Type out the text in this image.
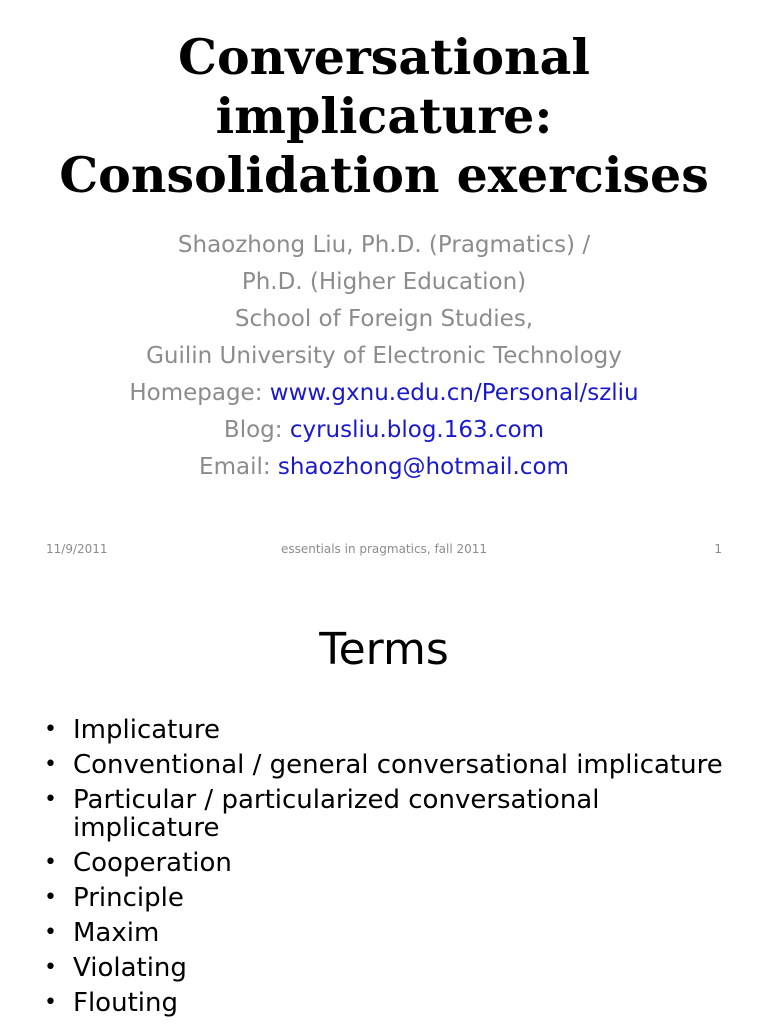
Conversational
implicature:
Consolidation exercises
Shaozhong Liu, Ph.D. (Pragmatics) /
Ph.D. (Higher Education)
School of Foreign Studies,
Guilin University of Electronic Technology
Homepage: www.gxnu.edu.cn/Personal/szliu
Blog: cyrusliu.blog.163.com
Email: shaozhong@hotmail.com
11/9/2011	essentials in pragmatics, fall 2011	1
Terms
• Implicature
• Conventional / general conversational implicature
• Particular / particularized conversational implicature
• Cooperation
• Principle
• Maxim
• Violating
• Flouting
